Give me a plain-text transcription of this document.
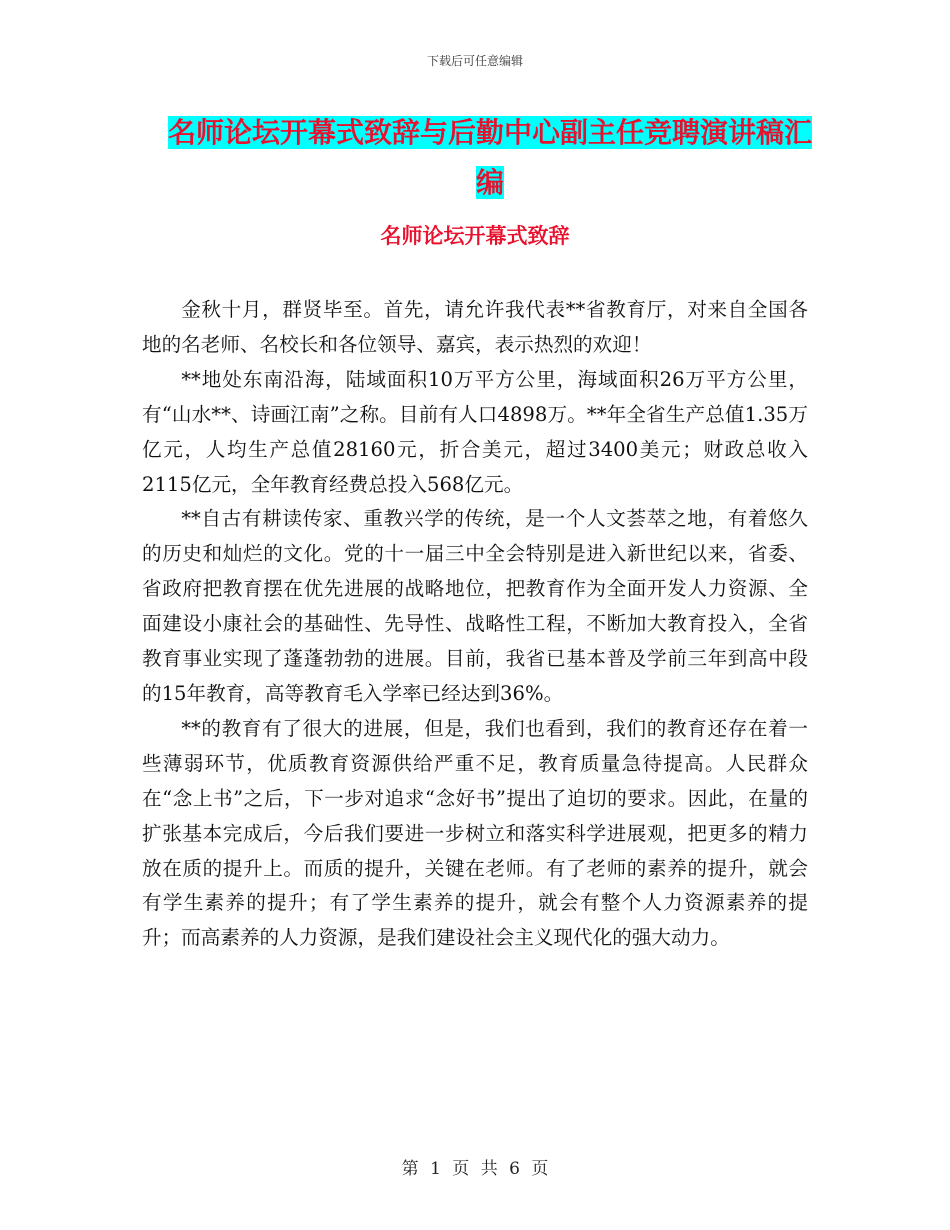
下载后可任意编辑
名师论坛开幕式致辞与后勤中心副主任竞聘演讲稿汇编
名师论坛开幕式致辞

金秋十月，群贤毕至。首先，请允许我代表**省教育厅，对来自全国各地的名老师、名校长和各位领导、嘉宾，表示热烈的欢迎！

**地处东南沿海，陆域面积10万平方公里，海域面积26万平方公里，有“山水**、诗画江南”之称。目前有人口4898万。**年全省生产总值1.35万亿元，人均生产总值28160元，折合美元，超过3400美元；财政总收入2115亿元，全年教育经费总投入568亿元。

**自古有耕读传家、重教兴学的传统，是一个人文荟萃之地，有着悠久的历史和灿烂的文化。党的十一届三中全会特别是进入新世纪以来，省委、省政府把教育摆在优先进展的战略地位，把教育作为全面开发人力资源、全面建设小康社会的基础性、先导性、战略性工程，不断加大教育投入，全省教育事业实现了蓬蓬勃勃的进展。目前，我省已基本普及学前三年到高中段的15年教育，高等教育毛入学率已经达到36%。

**的教育有了很大的进展，但是，我们也看到，我们的教育还存在着一些薄弱环节，优质教育资源供给严重不足，教育质量急待提高。人民群众在“念上书”之后，下一步对追求“念好书”提出了迫切的要求。因此，在量的扩张基本完成后，今后我们要进一步树立和落实科学进展观，把更多的精力放在质的提升上。而质的提升，关键在老师。有了老师的素养的提升，就会有学生素养的提升；有了学生素养的提升，就会有整个人力资源素养的提升；而高素养的人力资源，是我们建设社会主义现代化的强大动力。

第 1 页 共 6 页
